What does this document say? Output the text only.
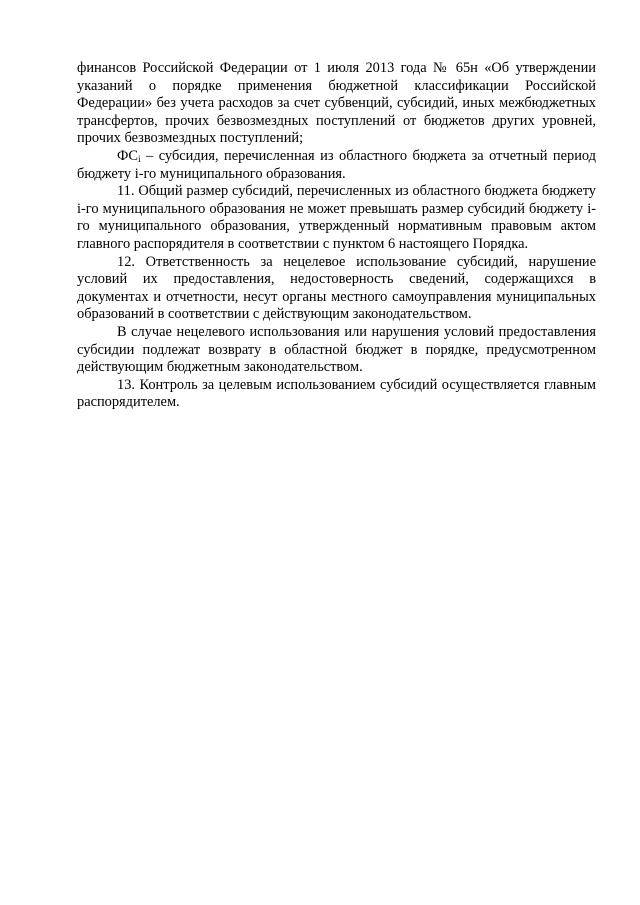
финансов Российской Федерации от 1 июля 2013 года № 65н «Об утверждении указаний о порядке применения бюджетной классификации Российской Федерации» без учета расходов за счет субвенций, субсидий, иных межбюджетных трансфертов, прочих безвозмездных поступлений от бюджетов других уровней, прочих безвозмездных поступлений;

$ФС_i$ – субсидия, перечисленная из областного бюджета за отчетный период бюджету i-го муниципального образования.

11. Общий размер субсидий, перечисленных из областного бюджета бюджету i-го муниципального образования не может превышать размер субсидий бюджету i-го муниципального образования, утвержденный нормативным правовым актом главного распорядителя в соответствии с пунктом 6 настоящего Порядка.

12. Ответственность за нецелевое использование субсидий, нарушение условий их предоставления, недостоверность сведений, содержащихся в документах и отчетности, несут органы местного самоуправления муниципальных образований в соответствии с действующим законодательством.

В случае нецелевого использования или нарушения условий предоставления субсидии подлежат возврату в областной бюджет в порядке, предусмотренном действующим бюджетным законодательством.

13. Контроль за целевым использованием субсидий осуществляется главным распорядителем.
